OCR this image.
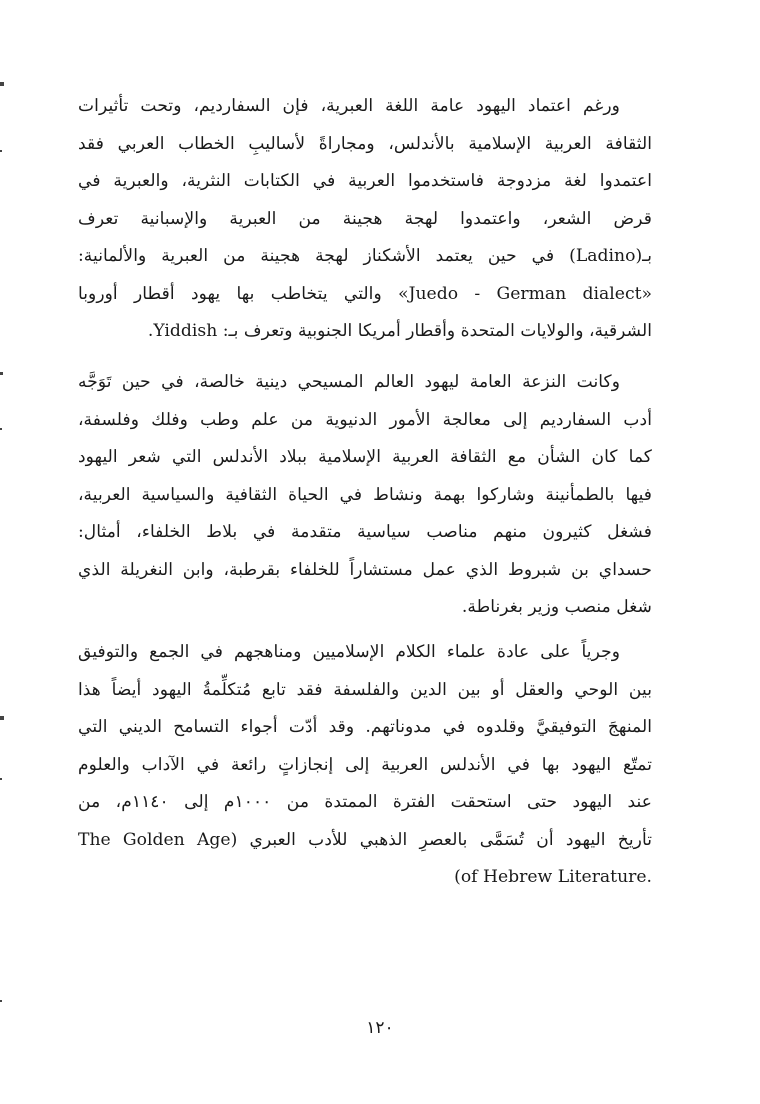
ورغم اعتماد اليهود عامة اللغة العبرية، فإن السفارديم، وتحت تأثيرات
الثقافة العربية الإسلامية بالأندلس، ومجاراةً لأساليبِ الخطاب العربي فقد
اعتمدوا لغة مزدوجة فاستخدموا العربية في الكتابات النثرية، والعبرية في
قرض الشعر، واعتمدوا لهجة هجينة من العبرية والإسبانية تعرف
بـ(Ladino) في حين يعتمد الأشكناز لهجة هجينة من العبرية والألمانية:
«Juedo - German dialect» والتي يتخاطب بها يهود أقطار أوروبا
الشرقية، والولايات المتحدة وأقطار أمريكا الجنوبية وتعرف بـ: Yiddish.
وكانت النزعة العامة ليهود العالم المسيحي دينية خالصة، في حين تَوَجَّه
أدب السفارديم إلى معالجة الأمور الدنيوية من علم وطب وفلك وفلسفة،
كما كان الشأن مع الثقافة العربية الإسلامية ببلاد الأندلس التي شعر اليهود
فيها بالطمأنينة وشاركوا بهمة ونشاط في الحياة الثقافية والسياسية العربية،
فشغل كثيرون منهم مناصب سياسية متقدمة في بلاط الخلفاء، أمثال:
حسداي بن شبروط الذي عمل مستشاراً للخلفاء بقرطبة، وابن النغريلة الذي
شغل منصب وزير بغرناطة.
وجرياً على عادة علماء الكلام الإسلاميين ومناهجهم في الجمع والتوفيق
بين الوحي والعقل أو بين الدين والفلسفة فقد تابع مُتكلِّمةُ اليهود أيضاً هذا
المنهجَ التوفيقيَّ وقلدوه في مدوناتهم. وقد أدّت أجواء التسامح الديني التي
تمتّع اليهود بها في الأندلس العربية إلى إنجازاتٍ رائعة في الآداب والعلوم
عند اليهود حتى استحقت الفترة الممتدة من ١٠٠٠م إلى ١١٤٠م، من
تأريخ اليهود أن تُسَمَّى بالعصرِ الذهبي للأدب العبري (The Golden Age
.of Hebrew Literature)
١٢٠
